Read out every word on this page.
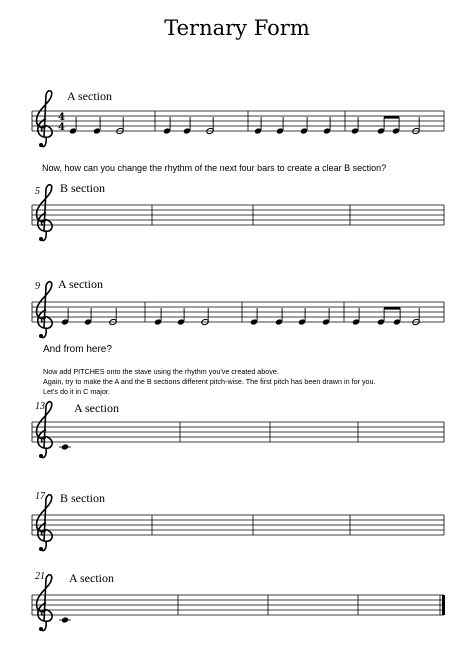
Ternary Form
A section
5 B section
9 A section
13 A section
17 B section
21 A section
Now, how can you change the rhythm of the next four bars to create a clear B section?
And from here?
Now add PITCHES onto the stave using the rhythm you've created above.
Again, try to make the A and the B sections different pitch-wise. The first pitch has been drawn in for you.
Let's do it in C major.
4
4
